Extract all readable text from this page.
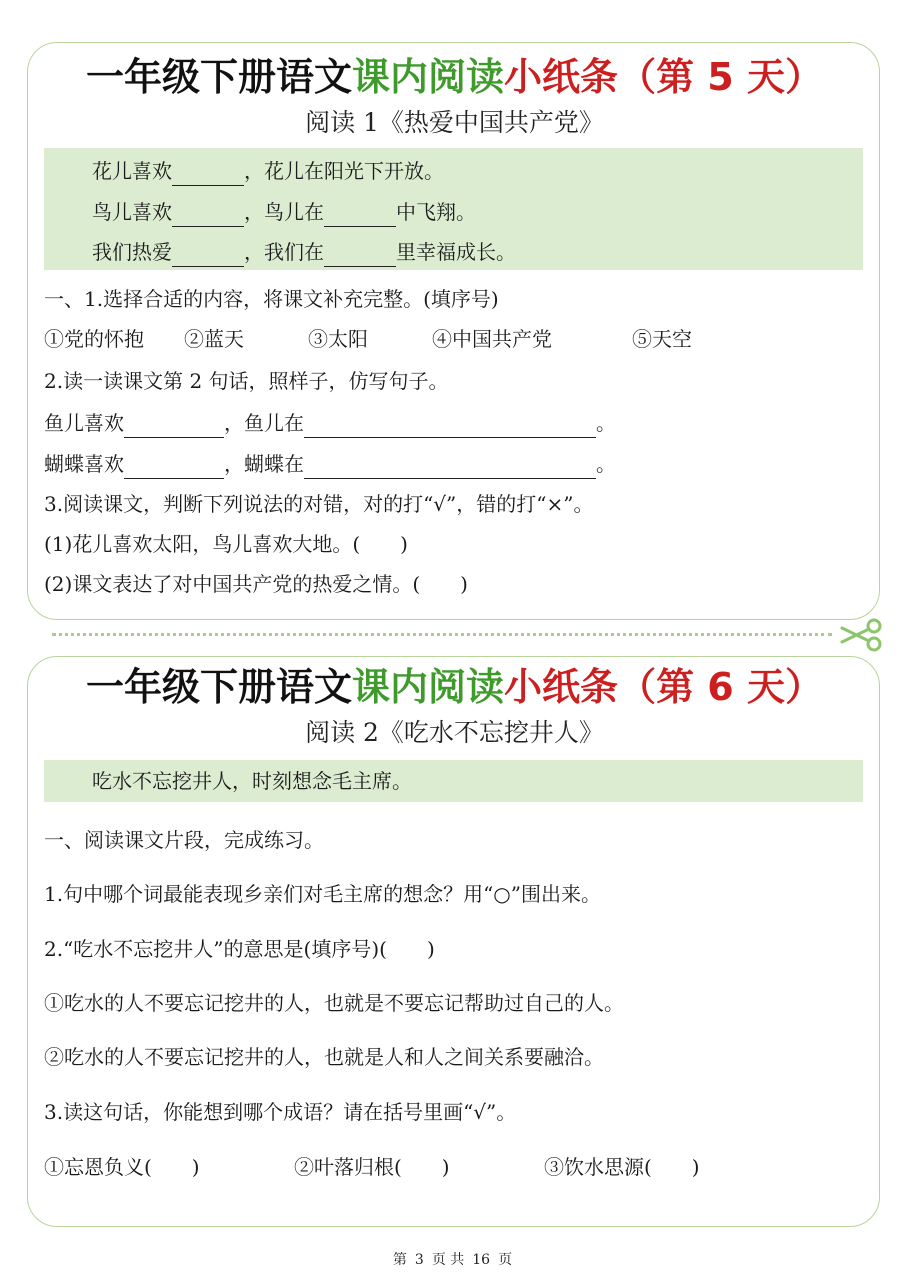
一年级下册语文课内阅读小纸条（第 5 天）
阅读 1《热爱中国共产党》
花儿喜欢	，花儿在阳光下开放。
鸟儿喜欢	，鸟儿在	中飞翔。
我们热爱	，我们在	里幸福成长。
一、1.选择合适的内容，将课文补充完整。(填序号)
①党的怀抱 ②蓝天	③太阳	④中国共产党	⑤天空
2.读一读课文第 2 句话，照样子，仿写句子。
鱼儿喜欢	，鱼儿在	。
蝴蝶喜欢	，蝴蝶在	。
3.阅读课文，判断下列说法的对错，对的打“√”，错的打“×”。
(1)花儿喜欢太阳，鸟儿喜欢大地。(　　)
(2)课文表达了对中国共产党的热爱之情。(　　)
一年级下册语文课内阅读小纸条（第 6 天）
阅读 2《吃水不忘挖井人》
吃水不忘挖井人，时刻想念毛主席。
一、阅读课文片段，完成练习。
1.句中哪个词最能表现乡亲们对毛主席的想念？用“○”围出来。
2.“吃水不忘挖井人”的意思是(填序号)(　　)
①吃水的人不要忘记挖井的人，也就是不要忘记帮助过自己的人。
②吃水的人不要忘记挖井的人，也就是人和人之间关系要融洽。
3.读这句话，你能想到哪个成语？请在括号里画“√”。
①忘恩负义(　　)	②叶落归根(　　)	③饮水思源(　　)
第 3 页 共 16 页
